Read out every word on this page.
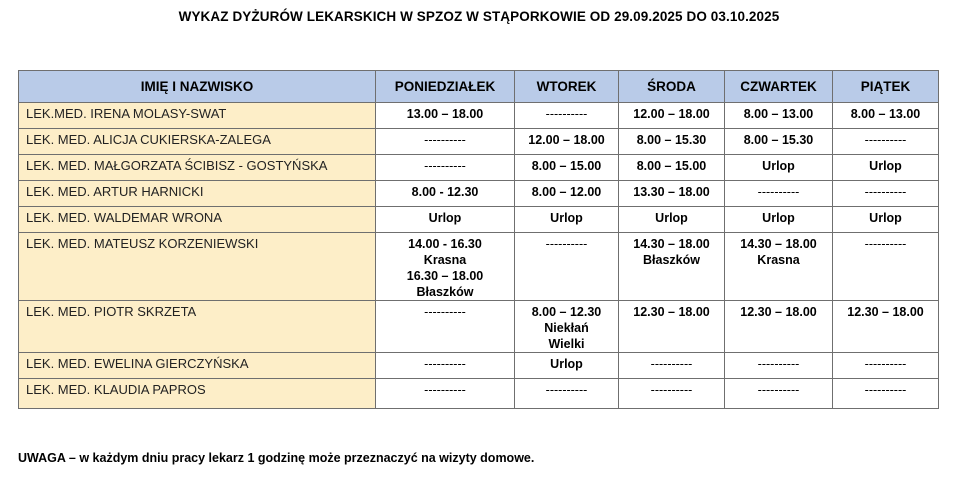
WYKAZ DYŻURÓW LEKARSKICH W SPZOZ W STĄPORKOWIE OD 29.09.2025 DO 03.10.2025
IMIĘ I NAZWISKO	PONIEDZIAŁEK	WTOREK	ŚRODA	CZWARTEK	PIĄTEK
LEK.MED. IRENA MOLASY-SWAT	13.00 – 18.00	----------	12.00 – 18.00	8.00 – 13.00	8.00 – 13.00

LEK. MED. ALICJA CUKIERSKA-ZALEGA	----------	12.00 – 18.00	8.00 – 15.30	8.00 – 15.30	----------

LEK. MED. MAŁGORZATA ŚCIBISZ - GOSTYŃSKA	----------	8.00 – 15.00	8.00 – 15.00	Urlop	Urlop

LEK. MED. ARTUR HARNICKI	8.00 - 12.30	8.00 – 12.00	13.30 – 18.00	----------	----------

LEK. MED. WALDEMAR WRONA	Urlop	Urlop	Urlop	Urlop	Urlop

LEK. MED. MATEUSZ KORZENIEWSKI	14.00 - 16.30
Krasna
16.30 – 18.00
Błaszków	----------	14.30 – 18.00
Błaszków	14.30 – 18.00
Krasna	----------

LEK. MED. PIOTR SKRZETA	----------	8.00 – 12.30
Niekłań
Wielki	12.30 – 18.00	12.30 – 18.00	12.30 – 18.00

LEK. MED. EWELINA GIERCZYŃSKA	----------	Urlop	----------	----------	----------

LEK. MED. KLAUDIA PAPROS	----------	----------	----------	----------	----------
UWAGA – w każdym dniu pracy lekarz 1 godzinę może przeznaczyć na wizyty domowe.
